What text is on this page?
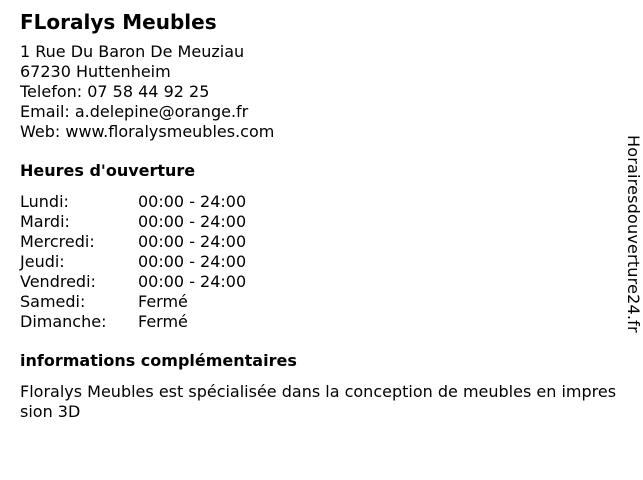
FLoralys Meubles
1 Rue Du Baron De Meuziau
67230 Huttenheim
Telefon: 07 58 44 92 25
Email: a.delepine@orange.fr
Web: www.floralysmeubles.com
Heures d'ouverture
Lundi:	00:00 - 24:00
Mardi:	00:00 - 24:00
Mercredi:	00:00 - 24:00
Jeudi:	00:00 - 24:00
Vendredi:	00:00 - 24:00
Samedi:	Fermé
Dimanche:	Fermé
informations complémentaires
Floralys Meubles est spécialisée dans la conception de meubles en impression 3D
Horairesdouverture24.fr
